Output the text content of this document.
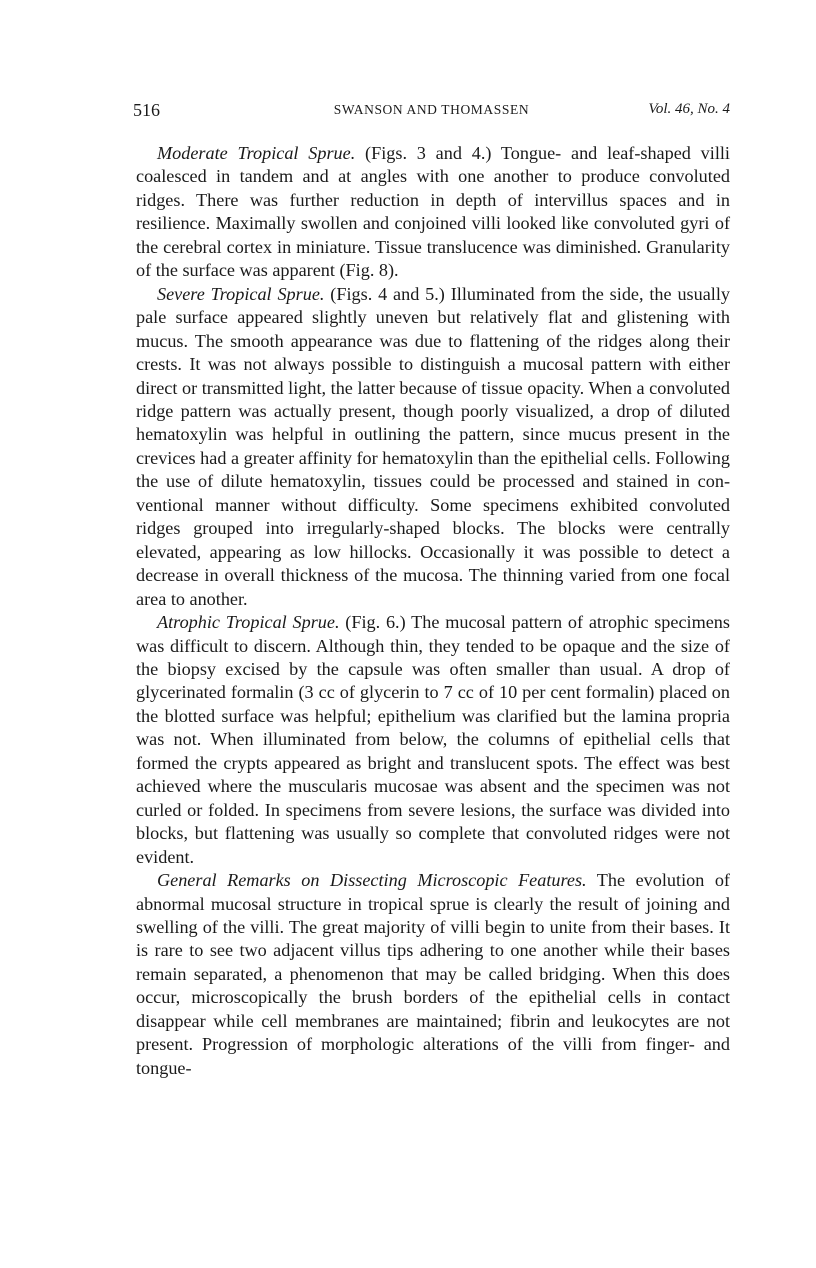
516	SWANSON AND THOMASSEN	Vol. 46, No. 4

Moderate Tropical Sprue. (Figs. 3 and 4.) Tongue- and leaf-shaped villi coalesced in tandem and at angles with one another to produce convoluted ridges. There was further reduction in depth of intervillus spaces and in resilience. Maximally swollen and conjoined villi looked like convoluted gyri of the cerebral cortex in miniature. Tissue translucence was diminished. Granularity of the surface was apparent (Fig. 8).

Severe Tropical Sprue. (Figs. 4 and 5.) Illuminated from the side, the usually pale surface appeared slightly uneven but relatively flat and glistening with mucus. The smooth appearance was due to flattening of the ridges along their crests. It was not always possible to distinguish a mucosal pattern with either direct or transmitted light, the latter because of tissue opacity. When a convoluted ridge pattern was actually present, though poorly visualized, a drop of diluted hematoxylin was helpful in outlining the pattern, since mucus present in the crevices had a greater affinity for hematoxylin than the epithelial cells. Following the use of dilute hematoxylin, tissues could be processed and stained in conventional manner without difficulty. Some specimens exhibited convoluted ridges grouped into irregularly-shaped blocks. The blocks were centrally elevated, appearing as low hillocks. Occasionally it was possible to detect a decrease in overall thickness of the mucosa. The thinning varied from one focal area to another.

Atrophic Tropical Sprue. (Fig. 6.) The mucosal pattern of atrophic specimens was difficult to discern. Although thin, they tended to be opaque and the size of the biopsy excised by the capsule was often smaller than usual. A drop of glycerinated formalin (3 cc of glycerin to 7 cc of 10 per cent formalin) placed on the blotted surface was helpful; epithelium was clarified but the lamina propria was not. When illuminated from below, the columns of epithelial cells that formed the crypts appeared as bright and translucent spots. The effect was best achieved where the muscularis mucosae was absent and the specimen was not curled or folded. In specimens from severe lesions, the surface was divided into blocks, but flattening was usually so complete that convoluted ridges were not evident.

General Remarks on Dissecting Microscopic Features. The evolution of abnormal mucosal structure in tropical sprue is clearly the result of joining and swelling of the villi. The great majority of villi begin to unite from their bases. It is rare to see two adjacent villus tips adhering to one another while their bases remain separated, a phenomenon that may be called bridging. When this does occur, microscopically the brush borders of the epithelial cells in contact disappear while cell membranes are maintained; fibrin and leukocytes are not present. Progression of morphologic alterations of the villi from finger- and tongue-
